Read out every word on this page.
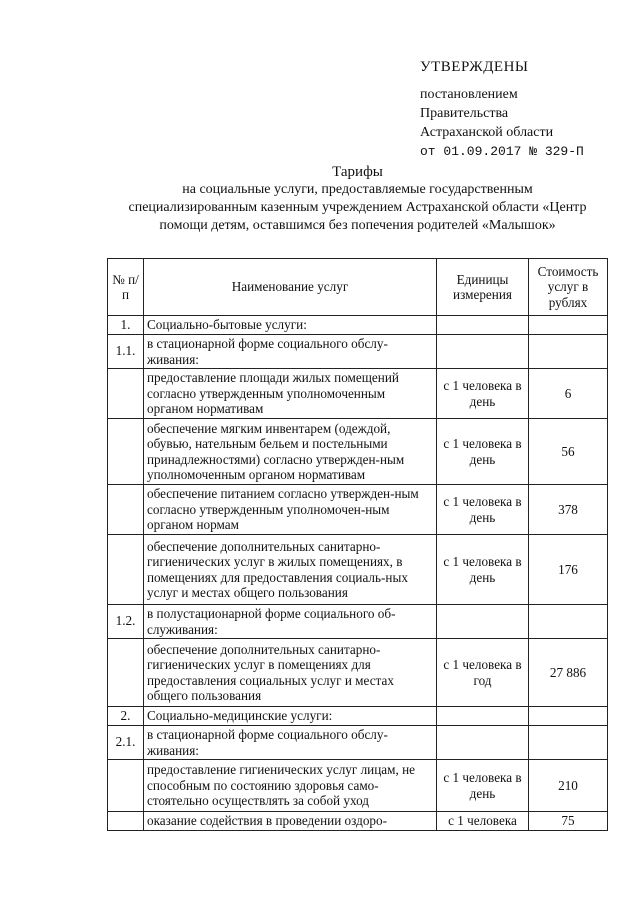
УТВЕРЖДЕНЫ
постановлением
Правительства
Астраханской области
от 01.09.2017 № 329-П
Тарифы
на социальные услуги, предоставляемые государственным
специализированным казенным учреждением Астраханской области «Центр
помощи детям, оставшимся без попечения родителей «Малышок»
№ п/п	Наименование услуг	Единицы измерения	Стоимость услуг в рублях
1.	Социально-бытовые услуги:		
1.1.	в стационарной форме социального обслу-живания:		
	предоставление площади жилых помещений согласно утвержденным уполномоченным органом нормативам	с 1 человека в день	6
	обеспечение мягким инвентарем (одеждой, обувью, нательным бельем и постельными принадлежностями) согласно утвержден-ным уполномоченным органом нормативам	с 1 человека в день	56
	обеспечение питанием согласно утвержден-ным согласно утвержденным уполномочен-ным органом нормам	с 1 человека в день	378
	обеспечение дополнительных санитарно-гигиенических услуг в жилых помещениях, в помещениях для предоставления социаль-ных услуг и местах общего пользования	с 1 человека в день	176
1.2.	в полустационарной форме социального об-служивания:		
	обеспечение дополнительных санитарно-гигиенических услуг в помещениях для предоставления социальных услуг и местах общего пользования	с 1 человека в год	27 886
2.	Социально-медицинские услуги:		
2.1.	в стационарной форме социального обслу-живания:		
	предоставление гигиенических услуг лицам, не способным по состоянию здоровья само-стоятельно осуществлять за собой уход	с 1 человека в день	210
	оказание содействия в проведении оздоро-	с 1 человека	75
